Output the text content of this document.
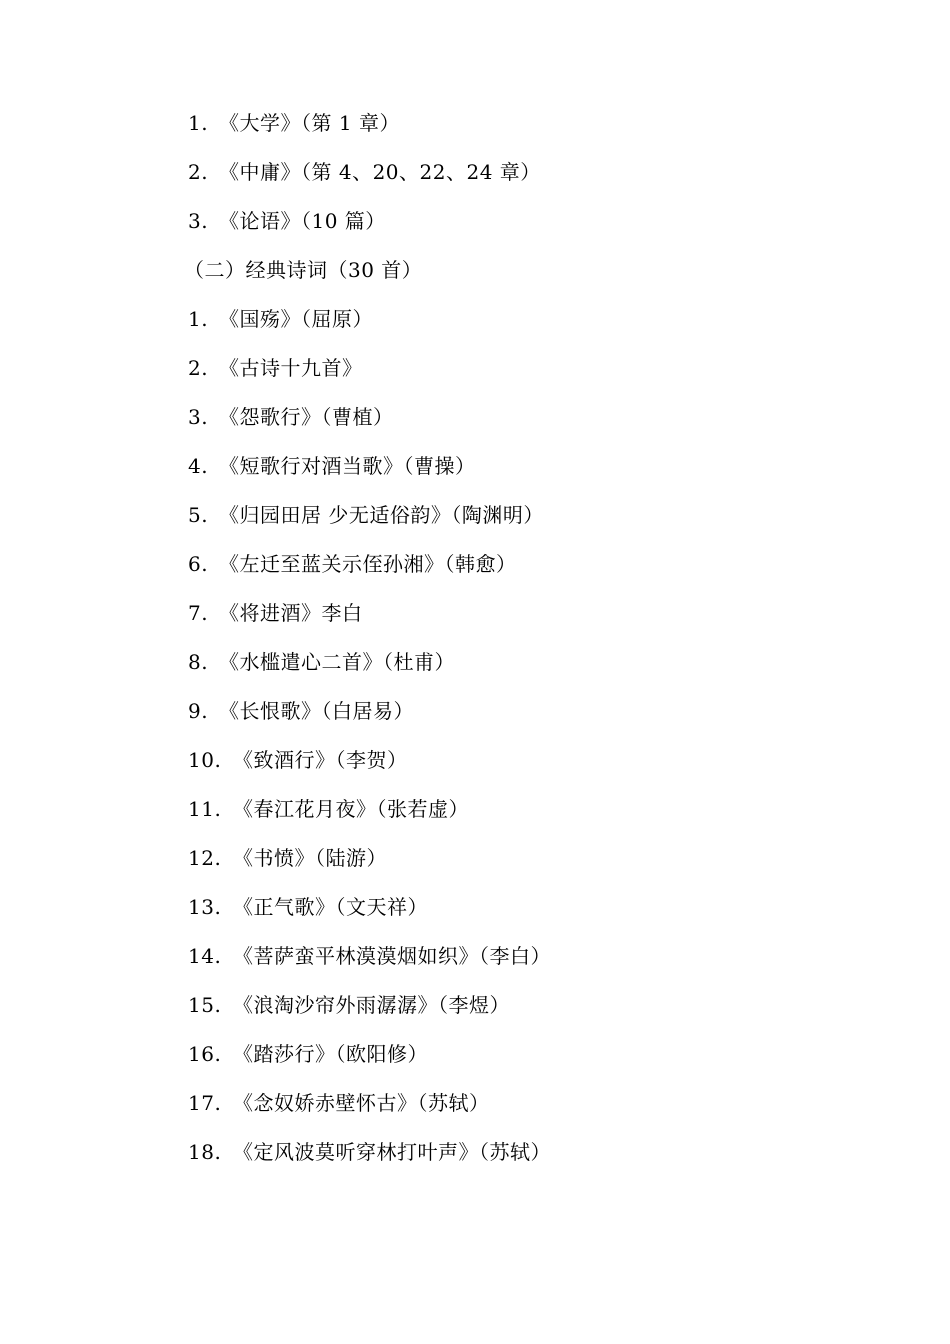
1. 《大学》（第 1 章）
2. 《中庸》（第 4、20、22、24 章）
3. 《论语》（10 篇）
（二）经典诗词（30 首）
1. 《国殇》（屈原）
2. 《古诗十九首》
3. 《怨歌行》（曹植）
4. 《短歌行对酒当歌》（曹操）
5. 《归园田居 少无适俗韵》（陶渊明）
6. 《左迁至蓝关示侄孙湘》（韩愈）
7. 《将进酒》李白
8. 《水槛遣心二首》（杜甫）
9. 《长恨歌》（白居易）
10. 《致酒行》（李贺）
11. 《春江花月夜》（张若虚）
12. 《书愤》（陆游）
13. 《正气歌》（文天祥）
14. 《菩萨蛮平林漠漠烟如织》（李白）
15. 《浪淘沙帘外雨潺潺》（李煜）
16. 《踏莎行》（欧阳修）
17. 《念奴娇赤壁怀古》（苏轼）
18. 《定风波莫听穿林打叶声》（苏轼）
